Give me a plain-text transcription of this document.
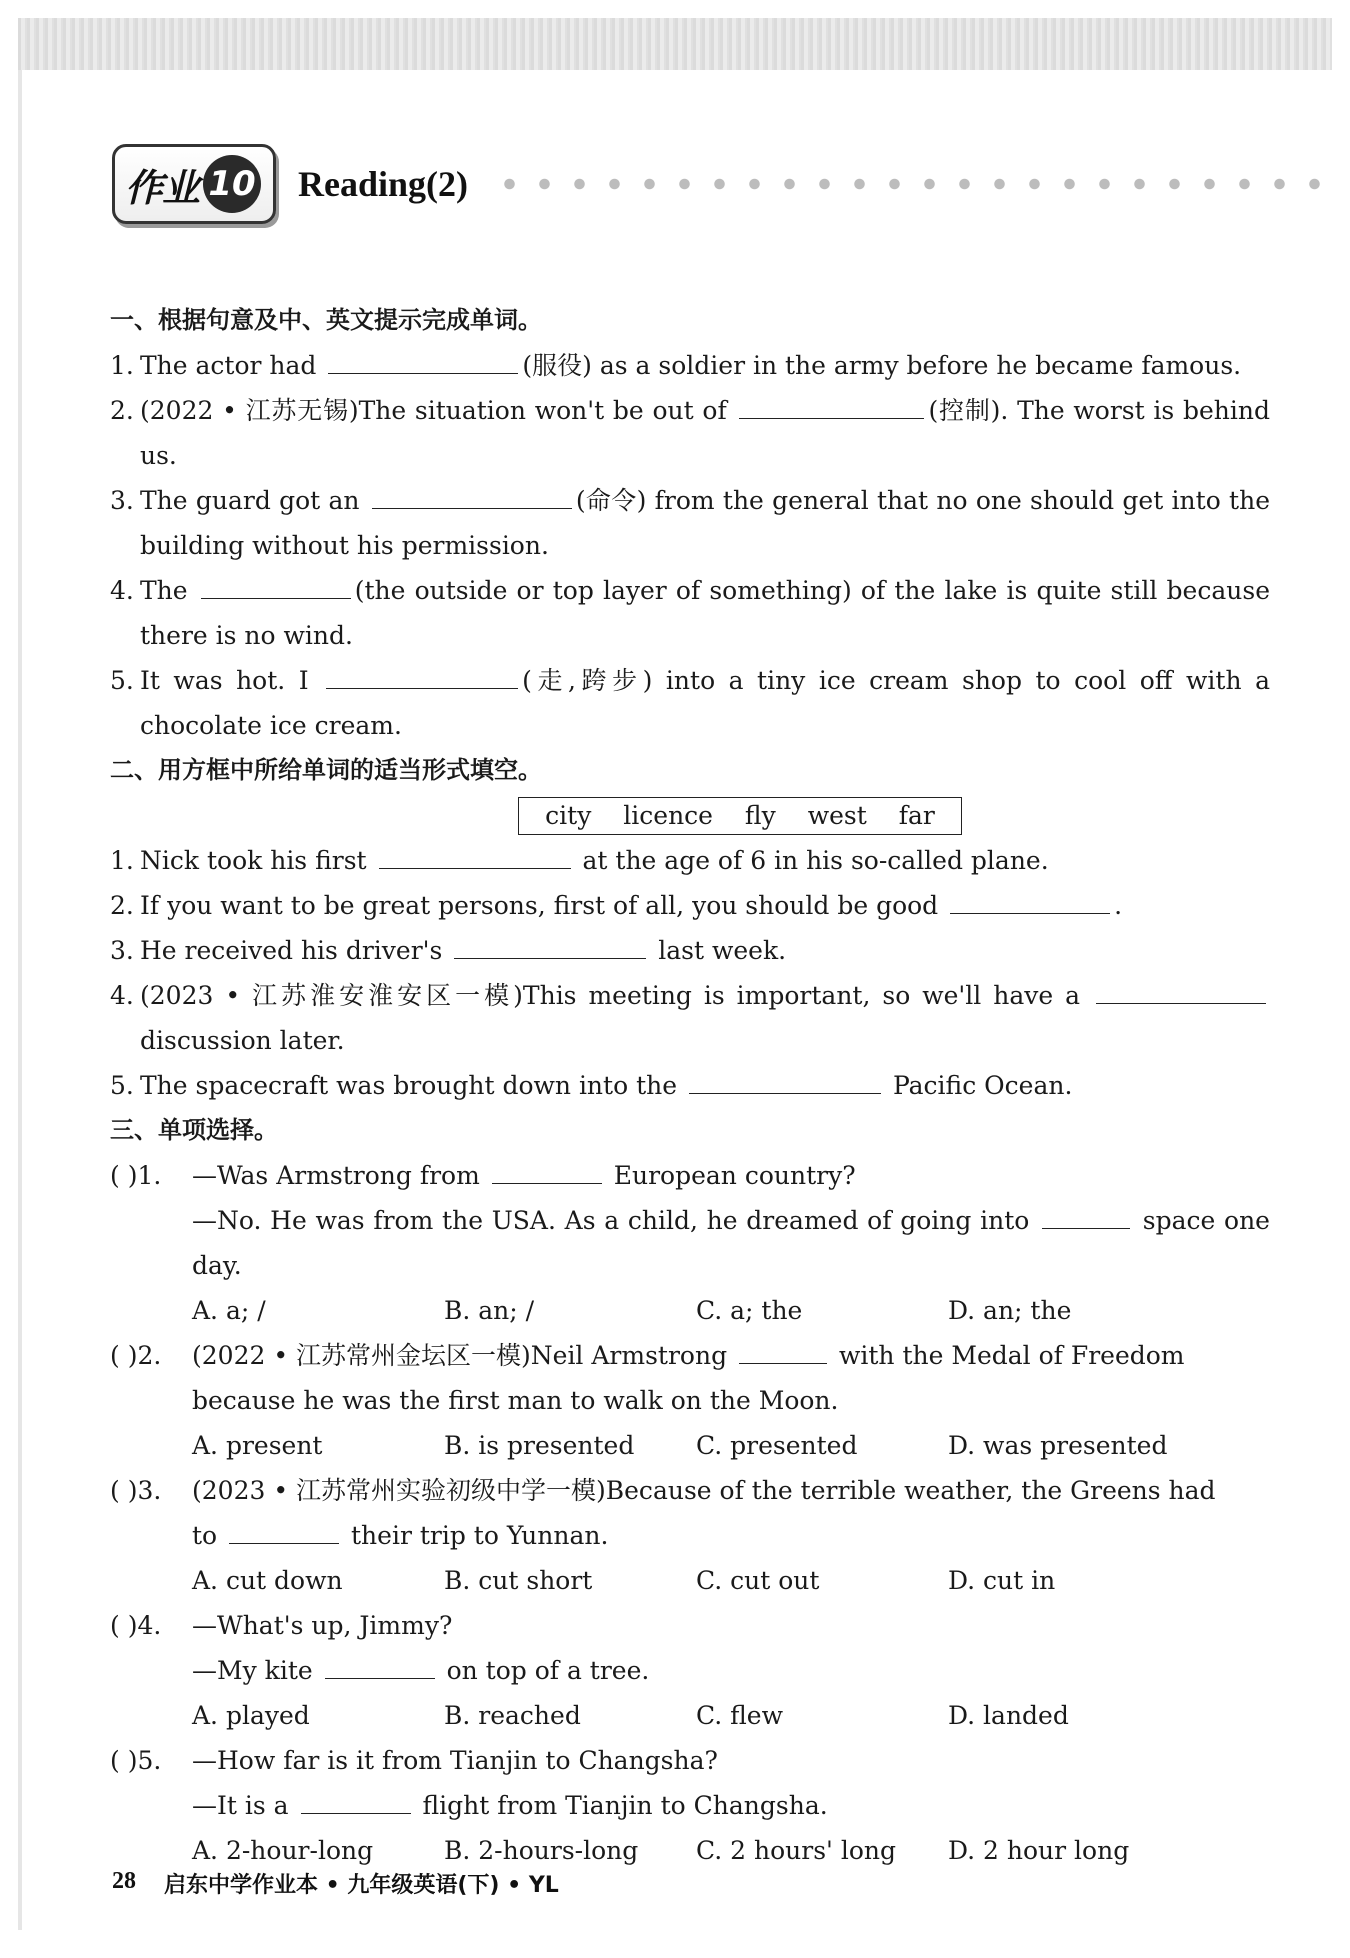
作业 10 Reading(2)
一、根据句意及中、英文提示完成单词。
1. The actor had	(服役) as a soldier in the army before he became famous.
2. (2022 • 江苏无锡)The situation won't be out of	(控制). The worst is behind us.
3. The guard got an	(命令) from the general that no one should get into the building without his permission.
4. The	(the outside or top layer of something) of the lake is quite still because there is no wind.
5. It was hot. I	(走,跨步) into a tiny ice cream shop to cool off with a chocolate ice cream.
二、用方框中所给单词的适当形式填空。
city licence fly west far
1. Nick took his first	at the age of 6 in his so-called plane.
2. If you want to be great persons, first of all, you should be good	.
3. He received his driver's	last week.
4. (2023 • 江苏淮安淮安区一模)This meeting is important, so we'll have a  discussion later.
5. The spacecraft was brought down into the	Pacific Ocean.
三、单项选择。
( )1.	—Was Armstrong from	European country?
—No. He was from the USA. As a child, he dreamed of going into	space one day.
A. a; /	B. an; /	C. a; the	D. an; the
( )2.	(2022 • 江苏常州金坛区一模)Neil Armstrong	with the Medal of Freedom
because he was the first man to walk on the Moon.
A. present	B. is presented	C. presented	D. was presented
( )3.	(2023 • 江苏常州实验初级中学一模)Because of the terrible weather, the Greens had
to	their trip to Yunnan.
A. cut down	B. cut short	C. cut out	D. cut in
( )4.	—What's up, Jimmy?
—My kite	on top of a tree.
A. played	B. reached	C. flew	D. landed
( )5.	—How far is it from Tianjin to Changsha?
—It is a	flight from Tianjin to Changsha.
A. 2-hour-long	B. 2-hours-long	C. 2 hours' long	D. 2 hour long
28 启东中学作业本 • 九年级英语(下) • YL
